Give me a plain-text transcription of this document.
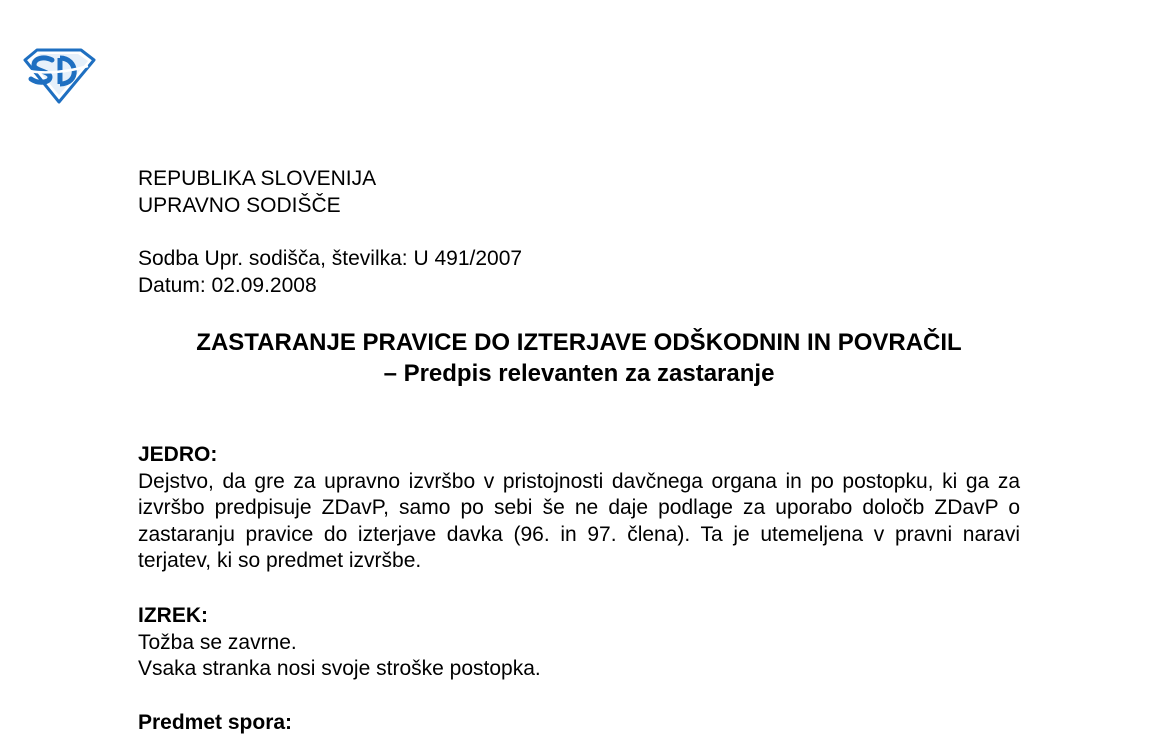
REPUBLIKA SLOVENIJA
UPRAVNO SODIŠČE
Sodba Upr. sodišča, številka: U 491/2007
Datum: 02.09.2008
ZASTARANJE PRAVICE DO IZTERJAVE ODŠKODNIN IN POVRAČIL
– Predpis relevanten za zastaranje
JEDRO:
Dejstvo, da gre za upravno izvršbo v pristojnosti davčnega organa in po postopku, ki ga za izvršbo predpisuje ZDavP, samo po sebi še ne daje podlage za uporabo določb ZDavP o zastaranju pravice do izterjave davka (96. in 97. člena). Ta je utemeljena v pravni naravi terjatev, ki so predmet izvršbe.
IZREK:
Tožba se zavrne.
Vsaka stranka nosi svoje stroške postopka.
Predmet spora:
